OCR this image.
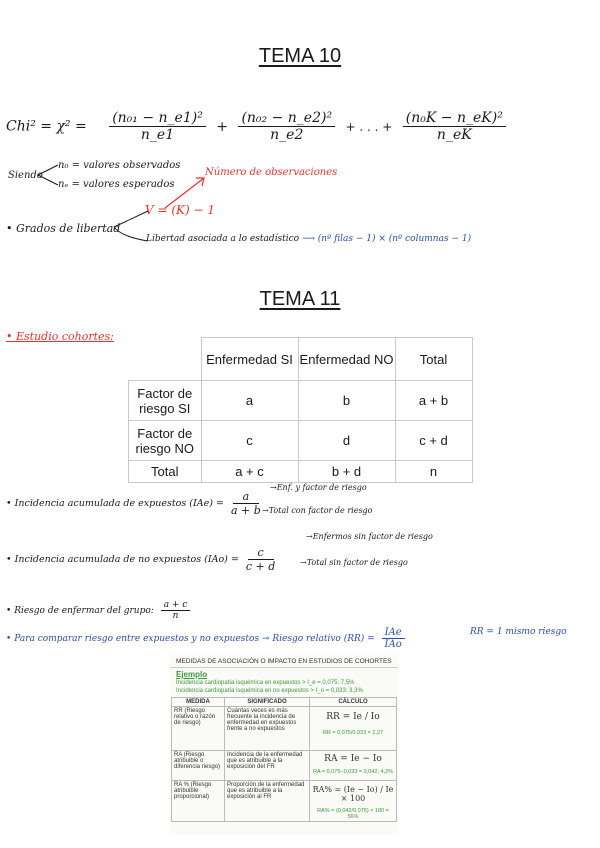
TEMA 10
$Chi^2 = \chi^2 = \frac{\text{(n₀₁ − n\_e1)²}}{n\_e1} + \frac{\text{(n₀₂ − n\_e2)²}}{n\_e2}$ + . . . + $\frac{\text{(n₀K − n\_eK)²}}{n\_eK}$
Siendo
n₀ = valores observados
nₑ = valores esperados
Número de observaciones
V = (K) − 1
• Grados de libertad
Libertad asociada a lo estadístico ⟶ (nº filas − 1) × (nº columnas − 1)
TEMA 11
• Estudio cohortes:
	Enfermedad SI	Enfermedad NO	Total
Factor de riesgo SI	a	b	a + b
Factor de riesgo NO	c	d	c + d
Total	a + c	b + d	n
• Incidencia acumulada de expuestos $(IAe) = \frac{a}{a + b}$
→Enf. y factor de riesgo
→Total con factor de riesgo
• Incidencia acumulada de no expuestos $(IAo) = \frac{c}{c + d}$
→Enfermos sin factor de riesgo
→Total sin factor de riesgo
• Riesgo de enfermar del grupo: $\frac{a + c}{n}$
• Para comparar riesgo entre expuestos y no expuestos → Riesgo relativo $(RR) = \frac{\text{IAe}}{\text{IAo}}$	RR = 1 mismo riesgo
MEDIDAS DE ASOCIACIÓN O IMPACTO EN ESTUDIOS DE COHORTES
Ejemplo
Incidencia cardiopatía isquémica en expuestos > I_e = 0,075: 7,5%
Incidencia cardiopatía isquémica en no expuestos > I_o = 0,033: 3,3%
MEDIDA	SIGNIFICADO	CÁLCULO
RR (Riesgo relativo o razón de riesgo)	Cuántas veces es más frecuente la incidencia de enfermedad en expuestos frente a no expuestos	RR = Ie / Io
RR = 0,075/0,033 = 2,27

RA (Riesgo atribuible o diferencia riesgo)	Incidencia de la enfermedad que es atribuible a la exposición del FR	RA = Ie − Io
RA = 0,075−0,033 = 0,042; 4,2%

RA % (Riesgo atribuible proporcional)	Proporción de la enfermedad que es atribuible a la exposición al FR	RA% = (Ie − Io) / Ie × 100
RA% = (0,042/0,075) × 100 = 56%
